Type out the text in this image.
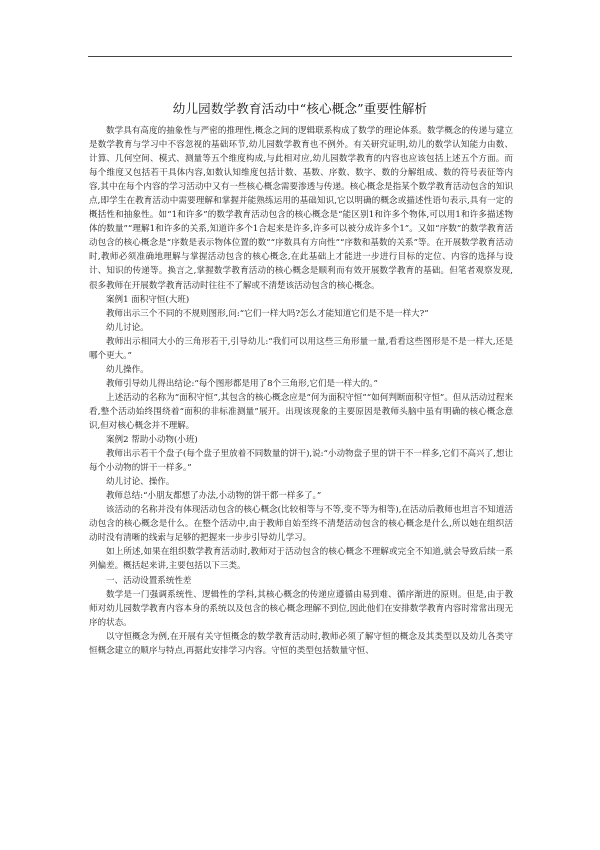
幼儿园数学教育活动中“核心概念”重要性解析

数学具有高度的抽象性与严密的推理性,概念之间的逻辑联系构成了数学的理论体系。数学概念的传递与建立是数学教育与学习中不容忽视的基础环节,幼儿园数学教育也不例外。有关研究证明,幼儿的数学认知能力由数、计算、几何空间、模式、测量等五个维度构成,与此相对应,幼儿园数学教育的内容也应该包括上述五个方面。而每个维度又包括若干具体内容,如数认知维度包括计数、基数、序数、数字、数的分解组成、数的符号表征等内容,其中在每个内容的学习活动中又有一些核心概念需要渗透与传递。核心概念是指某个数学教育活动包含的知识点,即学生在教育活动中需要理解和掌握并能熟练运用的基础知识,它以明确的概念或描述性语句表示,具有一定的概括性和抽象性。如“1和许多”的数学教育活动包含的核心概念是“能区别1和许多个物体,可以用1和许多描述物体的数量”“理解1和许多的关系,知道许多个1合起来是许多,许多可以被分成许多个1”。又如“序数”的数学教育活动包含的核心概念是“序数是表示物体位置的数”“序数具有方向性”“序数和基数的关系”等。在开展数学教育活动时,教师必须准确地理解与掌握活动包含的核心概念,在此基础上才能进一步进行目标的定位、内容的选择与设计、知识的传递等。换言之,掌握数学教育活动的核心概念是顺利而有效开展数学教育的基础。但笔者观察发现,很多教师在开展数学教育活动时往往不了解或不清楚该活动包含的核心概念。

案例1 面积守恒(大班)

教师出示三个不同的不规则图形,问:“它们一样大吗?怎么才能知道它们是不是一样大?”

幼儿讨论。

教师出示相同大小的三角形若干,引导幼儿:“我们可以用这些三角形量一量,看看这些图形是不是一样大,还是哪个更大。”

幼儿操作。

教师引导幼儿得出结论:“每个图形都是用了8个三角形,它们是一样大的。”

上述活动的名称为“面积守恒”,其包含的核心概念应是“何为面积守恒”“如何判断面积守恒”。但从活动过程来看,整个活动始终围绕着“面积的非标准测量”展开。出现该现象的主要原因是教师头脑中虽有明确的核心概念意识,但对核心概念并不理解。

案例2 帮助小动物(小班)

教师出示若干个盘子(每个盘子里放着不同数量的饼干),说:“小动物盘子里的饼干不一样多,它们不高兴了,想让每个小动物的饼干一样多。”

幼儿讨论、操作。

教师总结:“小朋友都想了办法,小动物的饼干都一样多了。”

该活动的名称并没有体现活动包含的核心概念(比较相等与不等,变不等为相等),在活动后教师也坦言不知道活动包含的核心概念是什么。在整个活动中,由于教师自始至终不清楚活动包含的核心概念是什么,所以她在组织活动时没有清晰的线索与足够的把握来一步步引导幼儿学习。

如上所述,如果在组织数学教育活动时,教师对于活动包含的核心概念不理解或完全不知道,就会导致后续一系列偏差。概括起来讲,主要包括以下三类。

一、活动设置系统性差

数学是一门强调系统性、逻辑性的学科,其核心概念的传递应遵循由易到难、循序渐进的原则。但是,由于教师对幼儿园数学教育内容本身的系统以及包含的核心概念理解不到位,因此他们在安排数学教育内容时常常出现无序的状态。

以守恒概念为例,在开展有关守恒概念的数学教育活动时,教师必须了解守恒的概念及其类型以及幼儿各类守恒概念建立的顺序与特点,再据此安排学习内容。守恒的类型包括数量守恒、
